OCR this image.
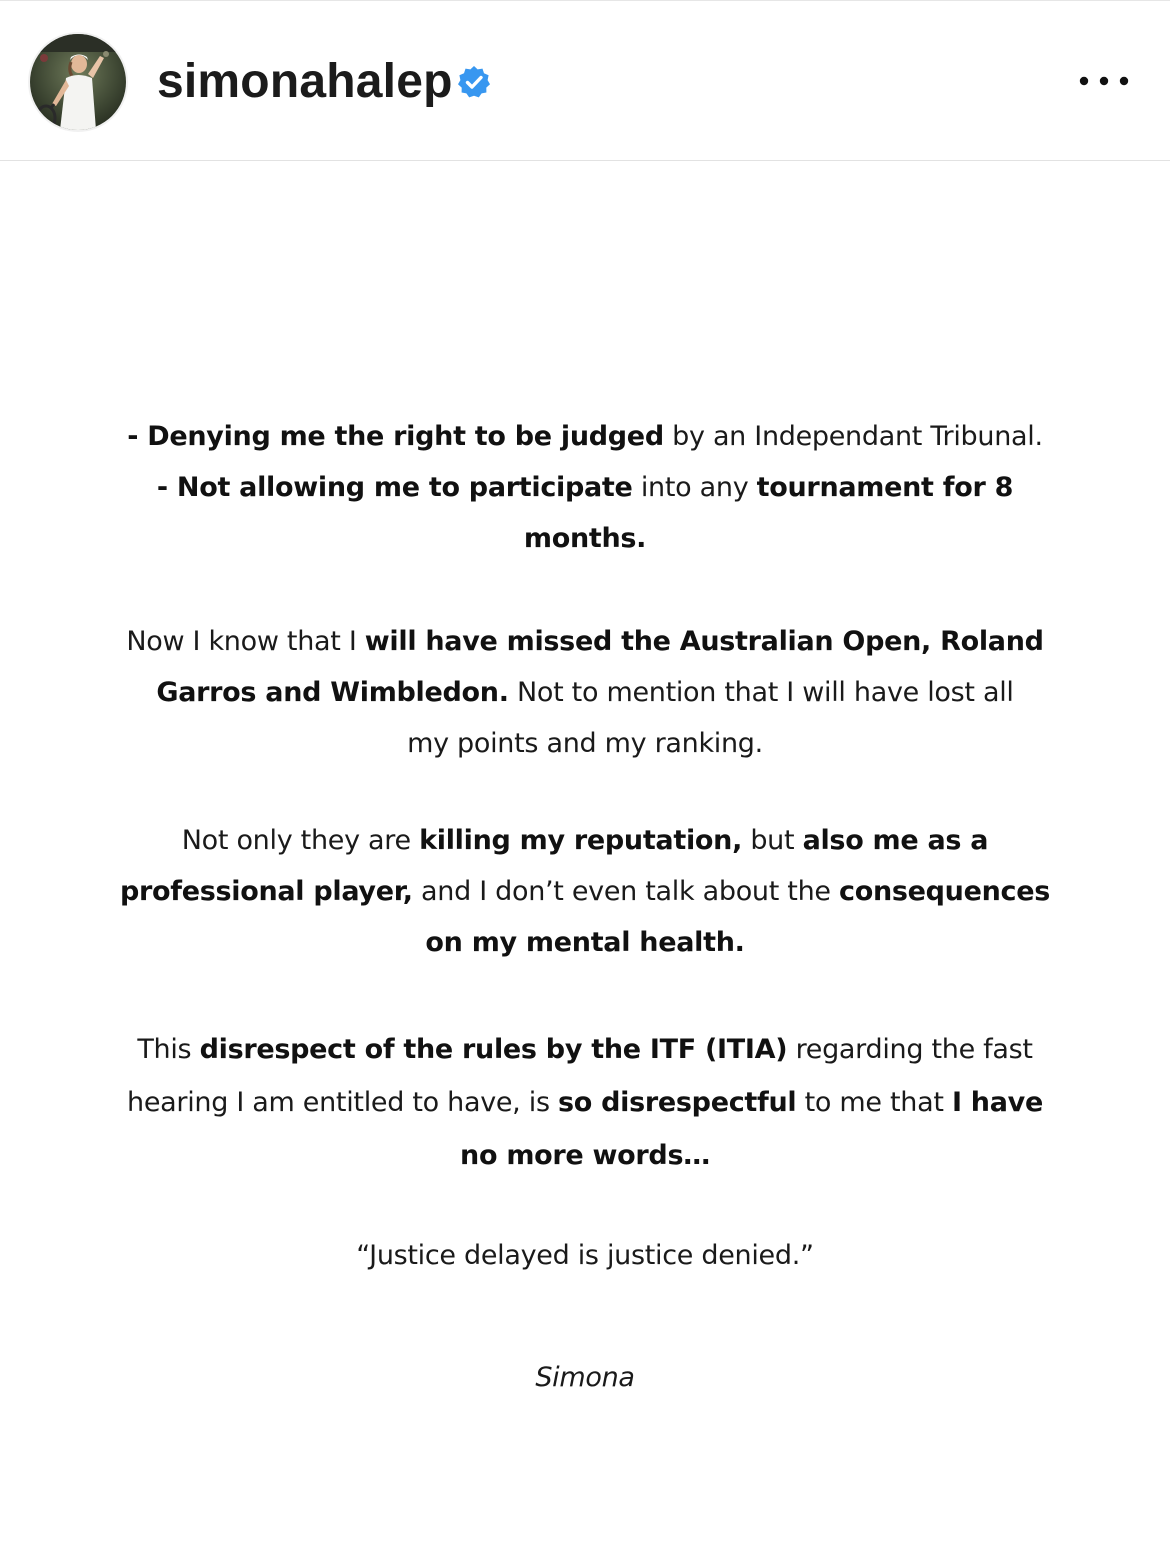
simonahalep
- Denying me the right to be judged by an Independant Tribunal.
- Not allowing me to participate into any tournament for 8
months.
Now I know that I will have missed the Australian Open, Roland
Garros and Wimbledon. Not to mention that I will have lost all
my points and my ranking.
Not only they are killing my reputation, but also me as a
professional player, and I don’t even talk about the consequences
on my mental health.
This disrespect of the rules by the ITF (ITIA) regarding the fast
hearing I am entitled to have, is so disrespectful to me that I have
no more words…
“Justice delayed is justice denied.”
Simona
